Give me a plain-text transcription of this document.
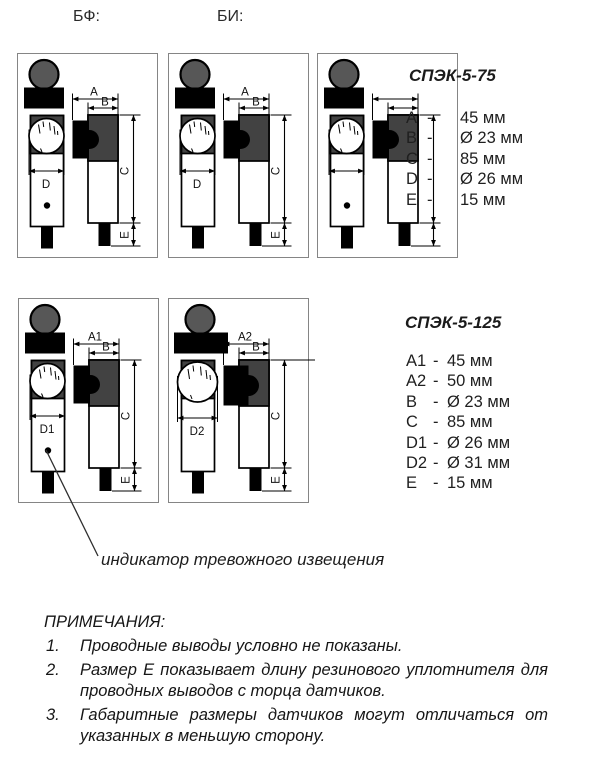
БФ:	БИ:
D
A
B
C
E
D
A
B
C
E
D1
A1
B
C
E
D2
A2
B
C
E
СПЭК-5-75
СПЭК-5-125
A -	45 мм
B -	Ø 23 мм
C -	85 мм
D -	Ø 26 мм
E -	15 мм
A1 - 45 мм
A2 - 50 мм
B - Ø 23 мм
C - 85 мм
D1 - Ø 26 мм
D2 - Ø 31 мм
E - 15 мм
индикатор тревожного извещения
ПРИМЕЧАНИЯ:
1. Проводные выводы условно не показаны.
2. Размер Е показывает длину резинового уплотнителя для проводных выводов с торца датчиков.
3. Габаритные размеры датчиков могут отличаться от указанных в меньшую сторону.
